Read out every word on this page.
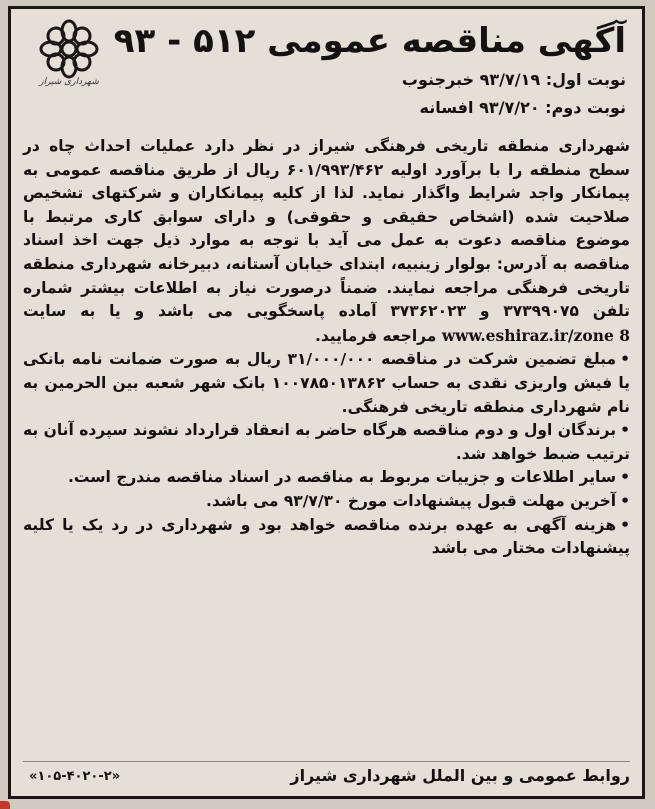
شهرداری شیراز
آگهی مناقصه عمومی ۵۱۲ - ۹۳
نوبت اول: ۹۳/۷/۱۹ خبرجنوب
نوبت دوم: ۹۳/۷/۲۰ افسانه

شهرداری منطقه تاریخی فرهنگی شیراز در نظر دارد عملیات احداث چاه در سطح منطقه را با برآورد اولیه ۶۰۱/۹۹۳/۴۶۲ ریال از طریق مناقصه عمومی به پیمانکار واجد شرایط واگذار نماید. لذا از کلیه پیمانکاران و شرکتهای تشخیص صلاحیت شده (اشخاص حقیقی و حقوقی) و دارای سوابق کاری مرتبط با موضوع مناقصه دعوت به عمل می آید با توجه به موارد ذیل جهت اخذ اسناد مناقصه به آدرس: بولوار زینبیه، ابتدای خیابان آستانه، دبیرخانه شهرداری منطقه تاریخی فرهنگی مراجعه نمایند. ضمناً درصورت نیاز به اطلاعات بیشتر شماره تلفن ۳۷۳۹۹۰۷۵ و ۳۷۳۶۲۰۲۳ آماده پاسخگویی می باشد و یا به سایت www.eshiraz.ir/zone 8 مراجعه فرمایید.

•مبلغ تضمین شرکت در مناقصه ۳۱/۰۰۰/۰۰۰ ریال به صورت ضمانت نامه بانکی یا فیش واریزی نقدی به حساب ۱۰۰۷۸۵۰۱۳۸۶۲ بانک شهر شعبه بین الحرمین به نام شهرداری منطقه تاریخی فرهنگی.
•برندگان اول و دوم مناقصه هرگاه حاضر به انعقاد قرارداد نشوند سپرده آنان به ترتیب ضبط خواهد شد.
•سایر اطلاعات و جزییات مربوط به مناقصه در اسناد مناقصه مندرج است.
•آخرین مهلت قبول پیشنهادات مورخ ۹۳/۷/۳۰ می باشد.
•هزینه آگهی به عهده برنده مناقصه خواهد بود و شهرداری در رد یک یا کلیه پیشنهادات مختار می باشد
روابط عمومی و بین الملل شهرداری شیراز
«۱۰۵-۴۰۲۰-۲»
